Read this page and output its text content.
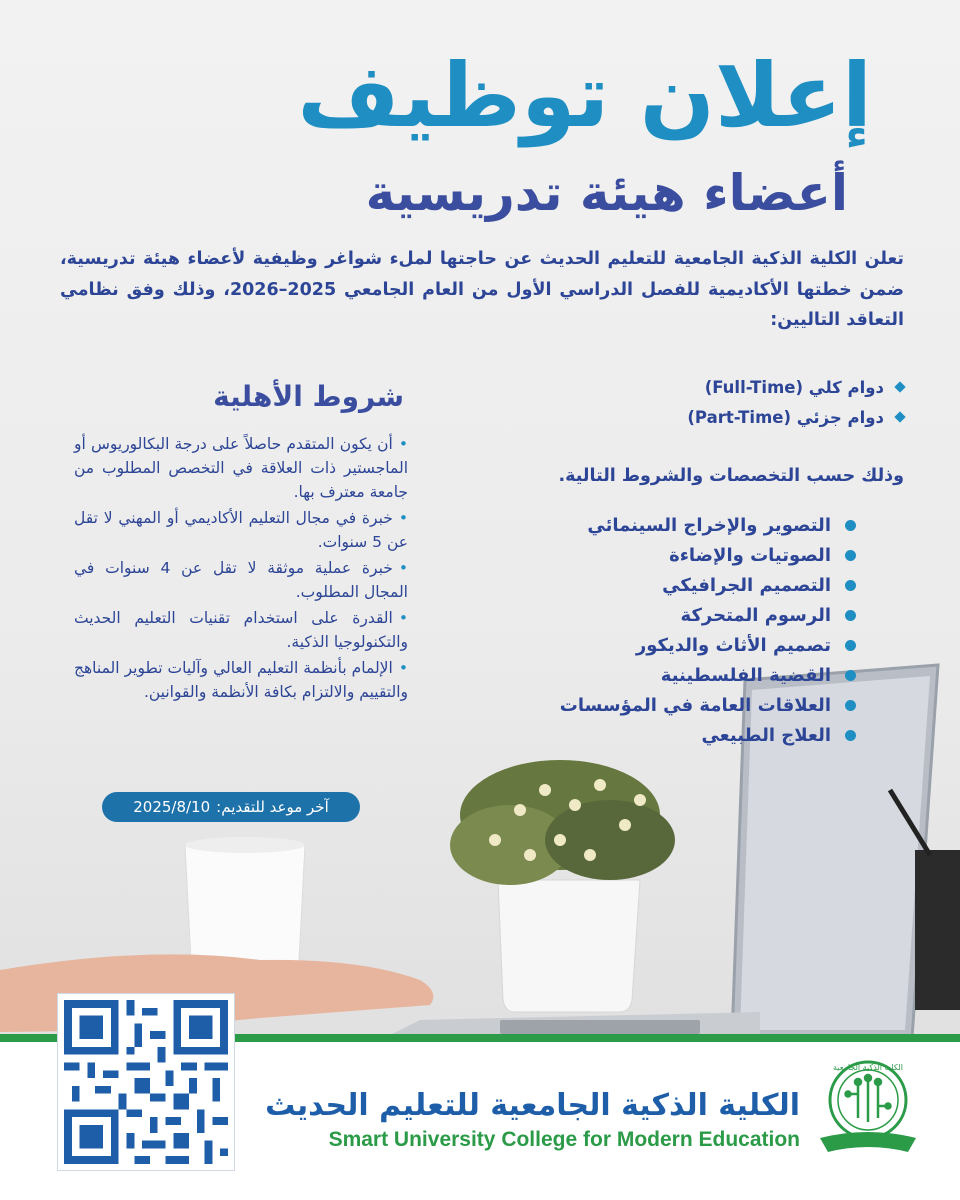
إعلان توظيف
أعضاء هيئة تدريسية
تعلن الكلية الذكية الجامعية للتعليم الحديث عن حاجتها لملء شواغر وظيفية لأعضاء هيئة تدريسية، ضمن خطتها الأكاديمية للفصل الدراسي الأول من العام الجامعي 2025–2026، وذلك وفق نظامي التعاقد التاليين:
دوام كلي (Full-Time)
دوام جزئي (Part-Time)
وذلك حسب التخصصات والشروط التالية.
التصوير والإخراج السينمائي
الصوتيات والإضاءة
التصميم الجرافيكي
الرسوم المتحركة
تصميم الأثاث والديكور
القضية الفلسطينية
العلاقات العامة في المؤسسات
العلاج الطبيعي
شروط الأهلية

•أن يكون المتقدم حاصلاً على درجة البكالوريوس أو الماجستير ذات العلاقة في التخصص المطلوب من جامعة معترف بها.

•خبرة في مجال التعليم الأكاديمي أو المهني لا تقل عن 5 سنوات.

•خبرة عملية موثقة لا تقل عن 4 سنوات في المجال المطلوب.

•القدرة على استخدام تقنيات التعليم الحديث والتكنولوجيا الذكية.

•الإلمام بأنظمة التعليم العالي وآليات تطوير المناهج والتقييم والالتزام بكافة الأنظمة والقوانين.

آخر موعد للتقديم:
2025/8/10
الكلية الذكية الجامعية للتعليم الحديث
Smart University College for Modern Education
الكلية الذكية الجامعية
